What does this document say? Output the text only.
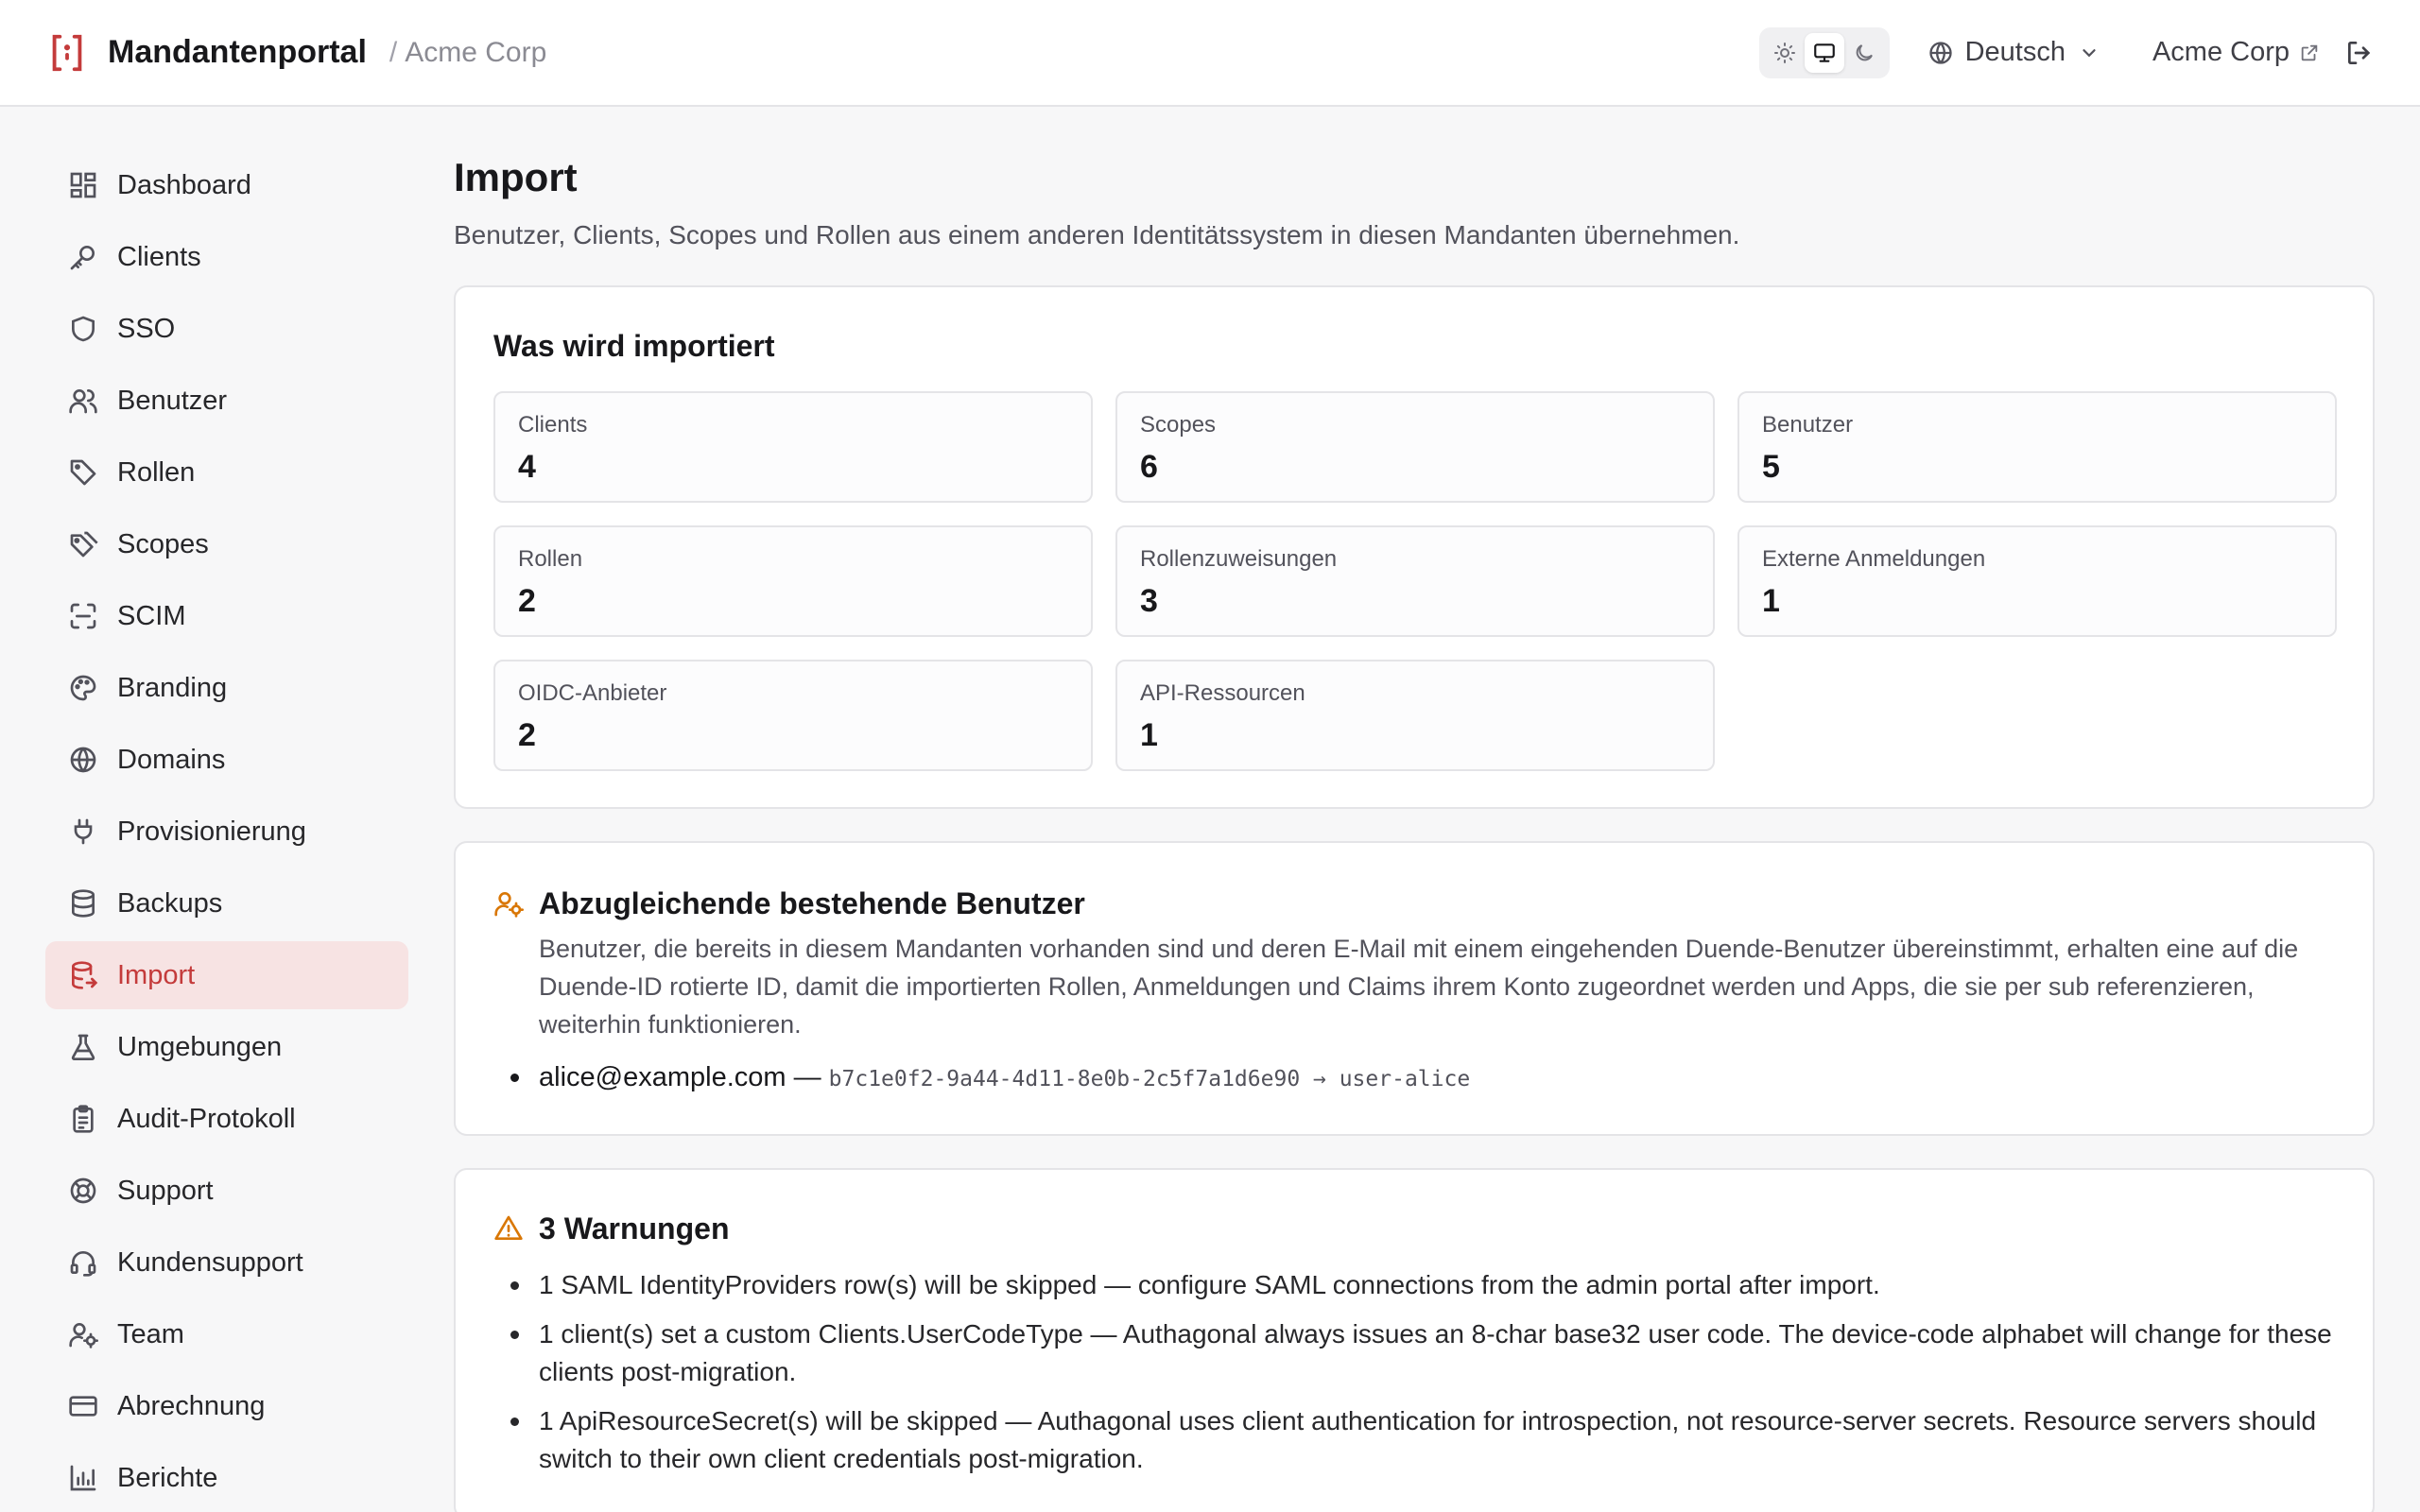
Mandantenportal / Acme Corp	Deutsch	Acme Corp
Dashboard
Clients
SSO
Benutzer
Rollen
Scopes
SCIM
Branding
Domains
Provisionierung
Backups
Import
Umgebungen
Audit-Protokoll
Support
Kundensupport
Team
Abrechnung
Berichte
Import

Benutzer, Clients, Scopes und Rollen aus einem anderen Identitätssystem in diesen Mandanten übernehmen.

Was wird importiert
Clients
4
Scopes
6
Benutzer
5
Rollen
2
Rollenzuweisungen
3
Externe Anmeldungen
1
OIDC-Anbieter
2
API-Ressourcen
1
Abzugleichende bestehende Benutzer

Benutzer, die bereits in diesem Mandanten vorhanden sind und deren E-Mail mit einem eingehenden Duende-Benutzer übereinstimmt, erhalten eine auf die Duende-ID rotierte ID, damit die importierten Rollen, Anmeldungen und Claims ihrem Konto zugeordnet werden und Apps, die sie per sub referenzieren, weiterhin funktionieren.

alice@example.com — b7c1e0f2-9a44-4d11-8e0b-2c5f7a1d6e90 → user-alice
3 Warnungen
1 SAML IdentityProviders row(s) will be skipped — configure SAML connections from the admin portal after import.
1 client(s) set a custom Clients.UserCodeType — Authagonal always issues an 8-char base32 user code. The device-code alphabet will change for these clients post-migration.
1 ApiResourceSecret(s) will be skipped — Authagonal uses client authentication for introspection, not resource-server secrets. Resource servers should switch to their own client credentials post-migration.
